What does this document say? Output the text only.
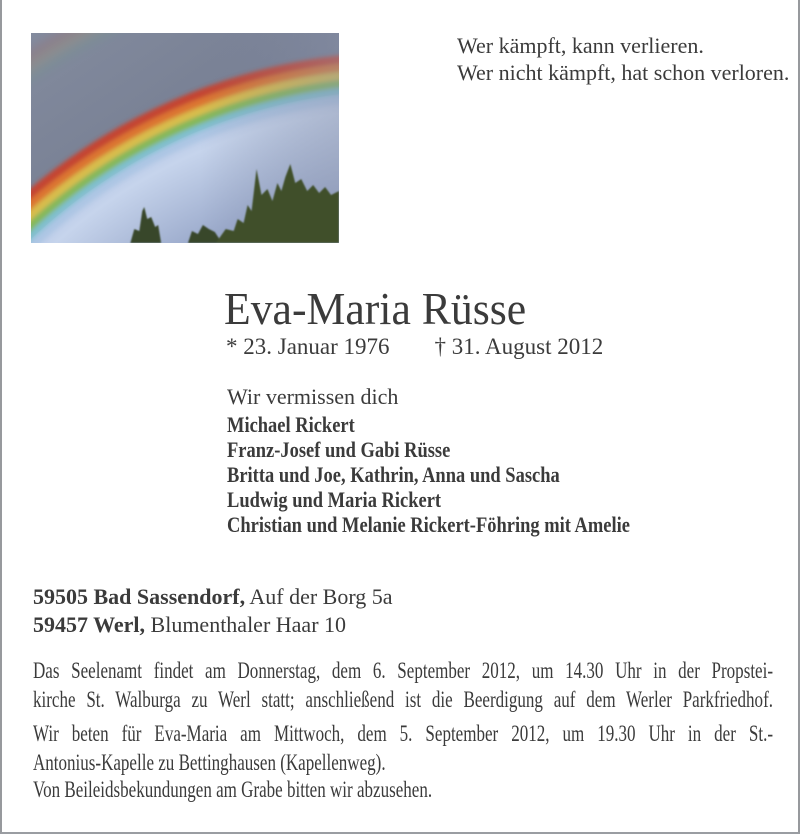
Wer kämpft, kann verlieren.
Wer nicht kämpft, hat schon verloren.
Eva-Maria Rüsse
* 23. Januar 1976 † 31. August 2012
Wir vermissen dich
Michael Rickert
Franz-Josef und Gabi Rüsse
Britta und Joe, Kathrin, Anna und Sascha
Ludwig und Maria Rickert
Christian und Melanie Rickert-Föhring mit Amelie
59505 Bad Sassendorf, Auf der Borg 5a
59457 Werl, Blumenthaler Haar 10
Das Seelenamt findet am Donnerstag, dem 6. September 2012, um 14.30 Uhr in der Propstei-
kirche St. Walburga zu Werl statt; anschließend ist die Beerdigung auf dem Werler Parkfriedhof.
Wir beten für Eva-Maria am Mittwoch, dem 5. September 2012, um 19.30 Uhr in der St.-
Antonius-Kapelle zu Bettinghausen (Kapellenweg).
Von Beileidsbekundungen am Grabe bitten wir abzusehen.
